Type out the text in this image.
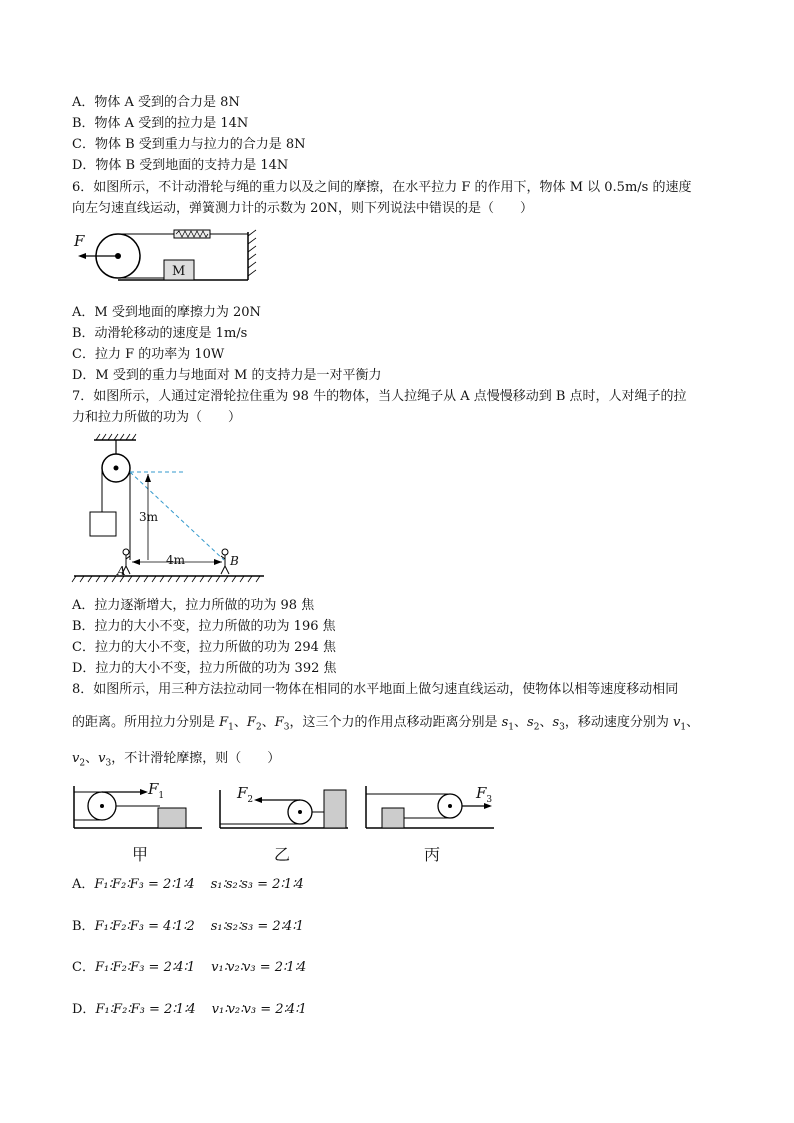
A．物体 A 受到的合力是 8N
B．物体 A 受到的拉力是 14N
C．物体 B 受到重力与拉力的合力是 8N
D．物体 B 受到地面的支持力是 14N
6．如图所示，不计动滑轮与绳的重力以及之间的摩擦，在水平拉力 F 的作用下，物体 M 以 0.5m/s 的速度
向左匀速直线运动，弹簧测力计的示数为 20N，则下列说法中错误的是（　　）
F
M
A．M 受到地面的摩擦力为 20N
B．动滑轮移动的速度是 1m/s
C．拉力 F 的功率为 10W
D．M 受到的重力与地面对 M 的支持力是一对平衡力
7．如图所示，人通过定滑轮拉住重为 98 牛的物体，当人拉绳子从 A 点慢慢移动到 B 点时，人对绳子的拉
力和拉力所做的功为（　　）
3m
4m
A
B
A．拉力逐渐增大，拉力所做的功为 98 焦
B．拉力的大小不变，拉力所做的功为 196 焦
C．拉力的大小不变，拉力所做的功为 294 焦
D．拉力的大小不变，拉力所做的功为 392 焦
8．如图所示，用三种方法拉动同一物体在相同的水平地面上做匀速直线运动，使物体以相等速度移动相同
的距离。所用拉力分别是 $F_1$、$F_2$、$F_3$，这三个力的作用点移动距离分别是 $s_1$、$s_2$、$s_3$，移动速度分别为 $v_1$、
$v_2$、$v_3$，不计滑轮摩擦，则（　　）
$F_1$	$F_2$	$F_3$
甲	乙	丙
A．F₁∶F₂∶F₃ = 2∶1∶4 s₁∶s₂∶s₃ = 2∶1∶4
B．F₁∶F₂∶F₃ = 4∶1∶2 s₁∶s₂∶s₃ = 2∶4∶1
C．F₁∶F₂∶F₃ = 2∶4∶1 v₁∶v₂∶v₃ = 2∶1∶4
D．F₁∶F₂∶F₃ = 2∶1∶4 v₁∶v₂∶v₃ = 2∶4∶1
